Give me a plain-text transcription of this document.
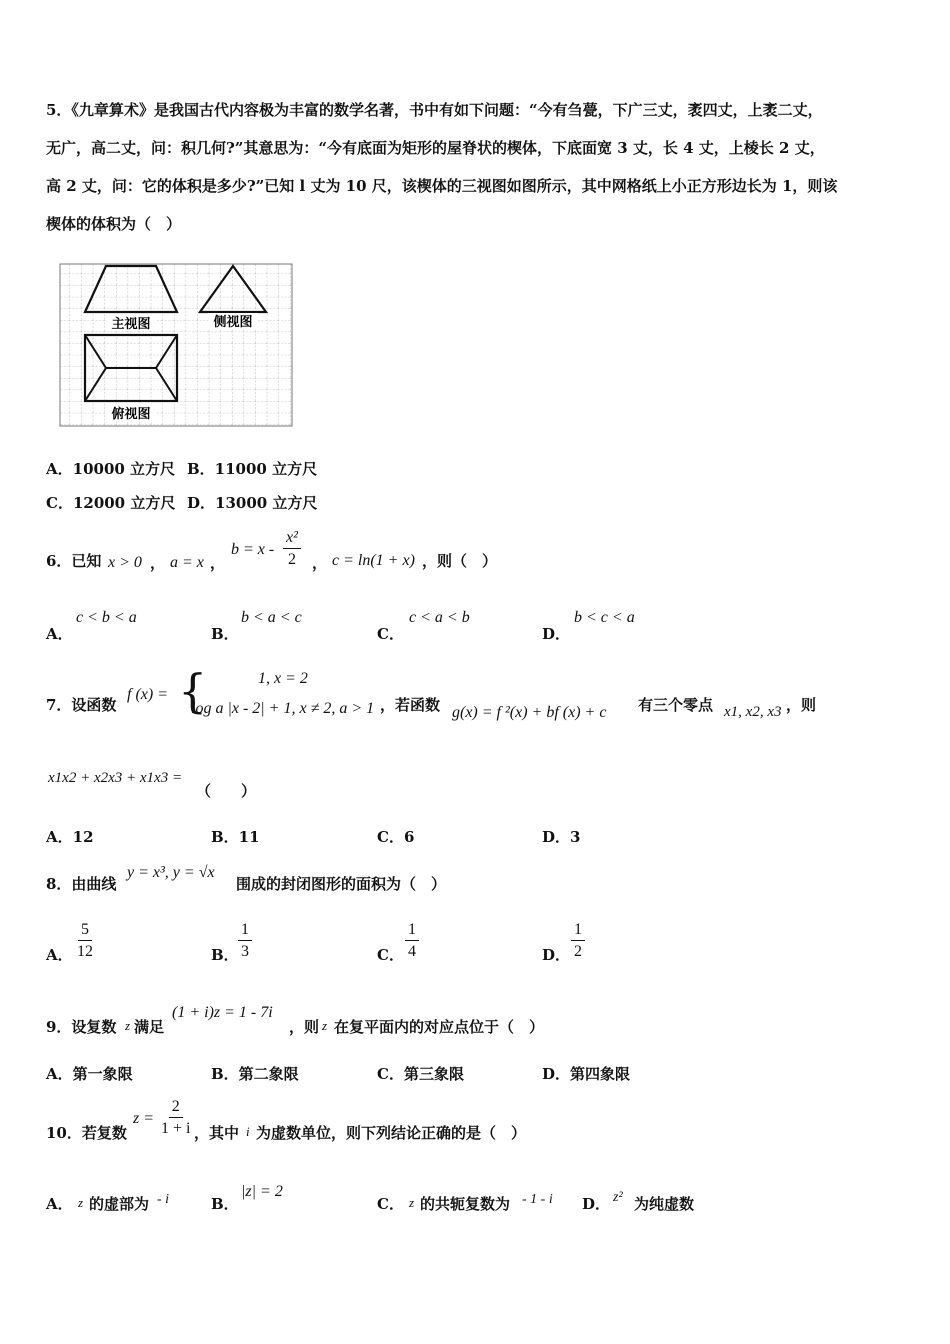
5．《九章算术》是我国古代内容极为丰富的数学名著，书中有如下问题：“今有刍甍，下广三丈，袤四丈，上袤二丈，
无广，高二丈，问：积几何?”其意思为：“今有底面为矩形的屋脊状的楔体，下底面宽 3 丈，长 4 丈，上棱长 2 丈，
高 2 丈，问：它的体积是多少?”已知 l 丈为 10 尺，该楔体的三视图如图所示，其中网格纸上小正方形边长为 1，则该
楔体的体积为（　）
主视图	侧视图
俯视图
A．10000 立方尺 B．11000 立方尺
C．12000 立方尺 D．13000 立方尺
6．已知 x > 0 ， a = x ，
$b = x - \frac{\text{x²}}{2}$ ， c = ln(1 + x) ，则（　）
A．
c < b < a
B．
b < a < c
C．
c < a < b
D．
b < c < a
7．设函数
f (x) = {	1, x = 2
log a |x - 2| + 1, x ≠ 2, a > 1 ，若函数 g(x) = f ²(x) + bf (x) + c 有三个零点 x1, x2, x3 ，则
x1x2 + x2x3 + x1x3 =
（　　）
A．12	B．11	C．6	D．3
8．由曲线
y = x³, y = √x
围成的封闭图形的面积为（　）
A． $\frac{5}{12}$	B． $\frac{1}{3}$	C． $\frac{1}{4}$	D． $\frac{1}{2}$
9．设复数 z 满足
(1 + i)z = 1 - 7i
，则 z 在复平面内的对应点位于（　）
A．第一象限	B．第二象限	C．第三象限	D．第四象限
10．若复数
$z = \frac{2}{1 + i}$ ，其中 i 为虚数单位，则下列结论正确的是（　）
A． z 的虚部为 - i	B．
|z| = 2
C． z 的共轭复数为 - 1 - i D． z² 为纯虚数
